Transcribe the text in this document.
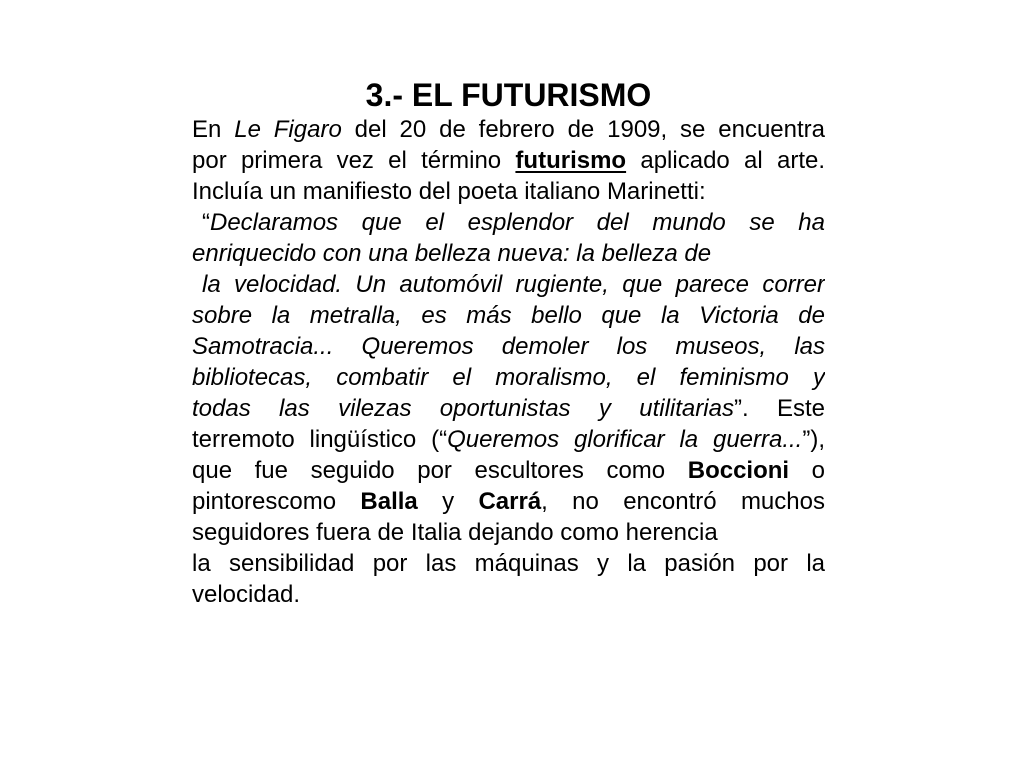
3.- EL FUTURISMO
En Le Figaro del 20 de febrero de 1909, se encuentra
por primera vez el término futurismo aplicado al arte.
Incluía un manifiesto del poeta italiano Marinetti:
“Declaramos que el esplendor del mundo se ha
enriquecido con una belleza nueva: la belleza de
la velocidad. Un automóvil rugiente, que parece correr
sobre la metralla, es más bello que la Victoria de
Samotracia... Queremos demoler los museos, las
bibliotecas, combatir el moralismo, el feminismo y
todas las vilezas oportunistas y utilitarias”. Este
terremoto lingüístico (“Queremos glorificar la guerra...”),
que fue seguido por escultores como Boccioni o
pintorescomo Balla y Carrá, no encontró muchos
seguidores fuera de Italia dejando como herencia
la sensibilidad por las máquinas y la pasión por la
velocidad.
